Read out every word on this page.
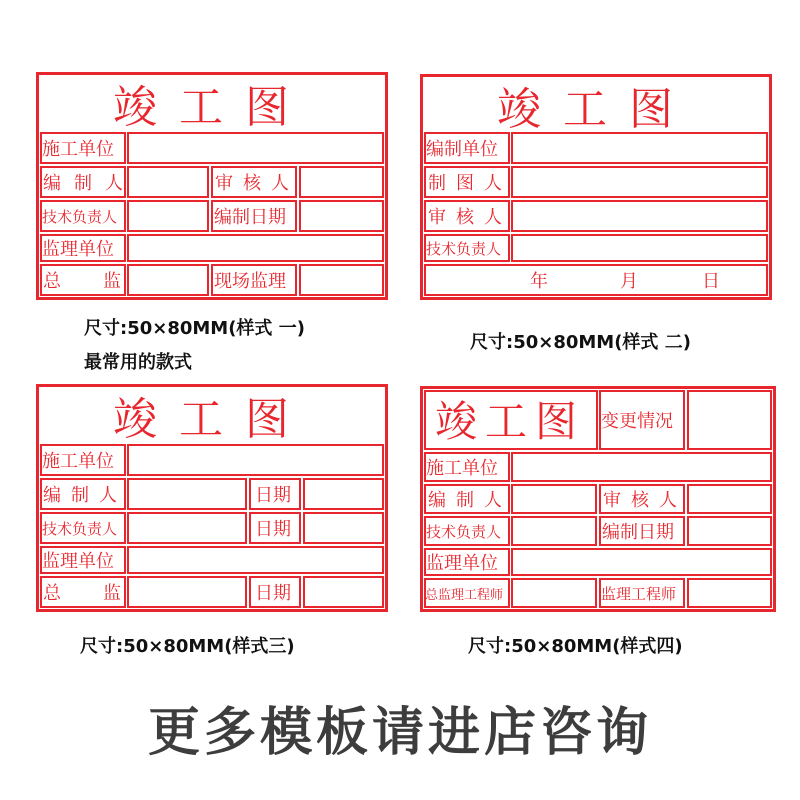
竣工图
施工单位
编制人	审核人
技术负责人	编制日期
监理单位
总监	现场监理
尺寸:50×80MM(样式 一)
最常用的款式
竣工图
编制单位
制图人
审核人
技术负责人
年	月	日
尺寸:50×80MM(样式 二)
竣工图
施工单位
编制人	日期
技术负责人	日期
监理单位
总监	日期
尺寸:50×80MM(样式三)
竣工图 变更情况
施工单位
编制人	审核人
技术负责人	编制日期
监理单位
总监理工程师	监理工程师
尺寸:50×80MM(样式四)
更多模板请进店咨询
